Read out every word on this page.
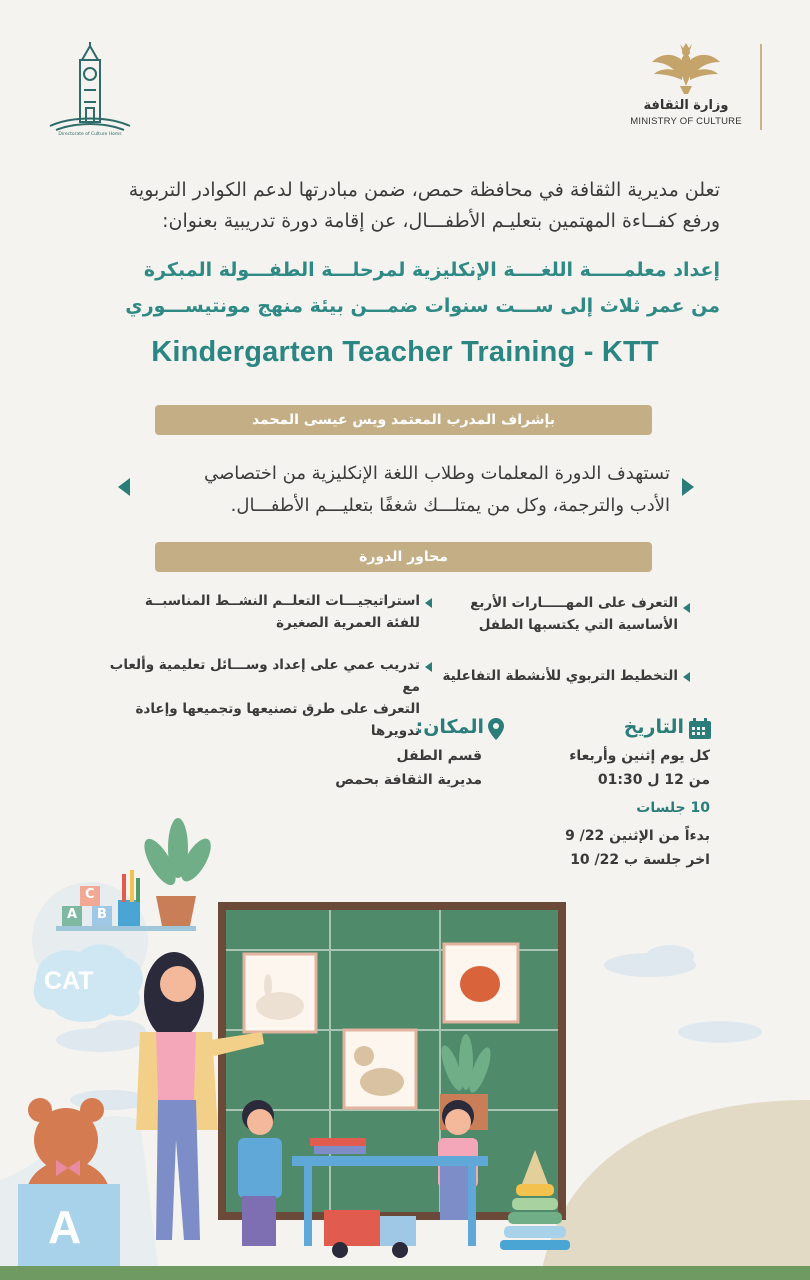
وزارة الثقافة
MINISTRY OF CULTURE
Directorate of Culture Homs
تعلن مديرية الثقافة في محافظة حمص، ضمن مبادرتها لدعم الكوادر التربوية
ورفع كفــاءة المهتمين بتعليـم الأطفـــال، عن إقامة دورة تدريبية بعنوان:
إعداد معلمـــــة اللغــــة الإنكليزية لمرحلـــة الطفـــولة المبكرة
من عمر ثلاث إلى ســـت سنوات ضمـــن بيئة منهج مونتيســـوري
Kindergarten Teacher Training - KTT
بإشراف المدرب المعتمد ويس عيسى المحمد
تستهدف الدورة المعلمات وطلاب اللغة الإنكليزية من اختصاصي
الأدب والترجمة، وكل من يمتلـــك شغفًا بتعليـــم الأطفـــال.
محاور الدورة
التعرف على المهـــــارات الأربع
الأساسية التي يكتسبها الطفل
التخطيط التربوي للأنشطة التفاعلية
استراتيجيـــات التعلــم النشــط المناسبــة
للفئة العمرية الصغيرة
تدريب عمي على إعداد وســـائل تعليمية وألعاب مع
التعرف على طرق تصنيعها وتجميعها وإعادة تدويرها	التاريخ
كل يوم إثنين وأربعاء
من 12 ل 01:30
10 جلسات
بدءاً من الإثنين 22/ 9
اخر جلسة ب 22/ 10
المكان:
قسم الطفل
مديرية الثقافة بحمص
CAT
A B
C
A
